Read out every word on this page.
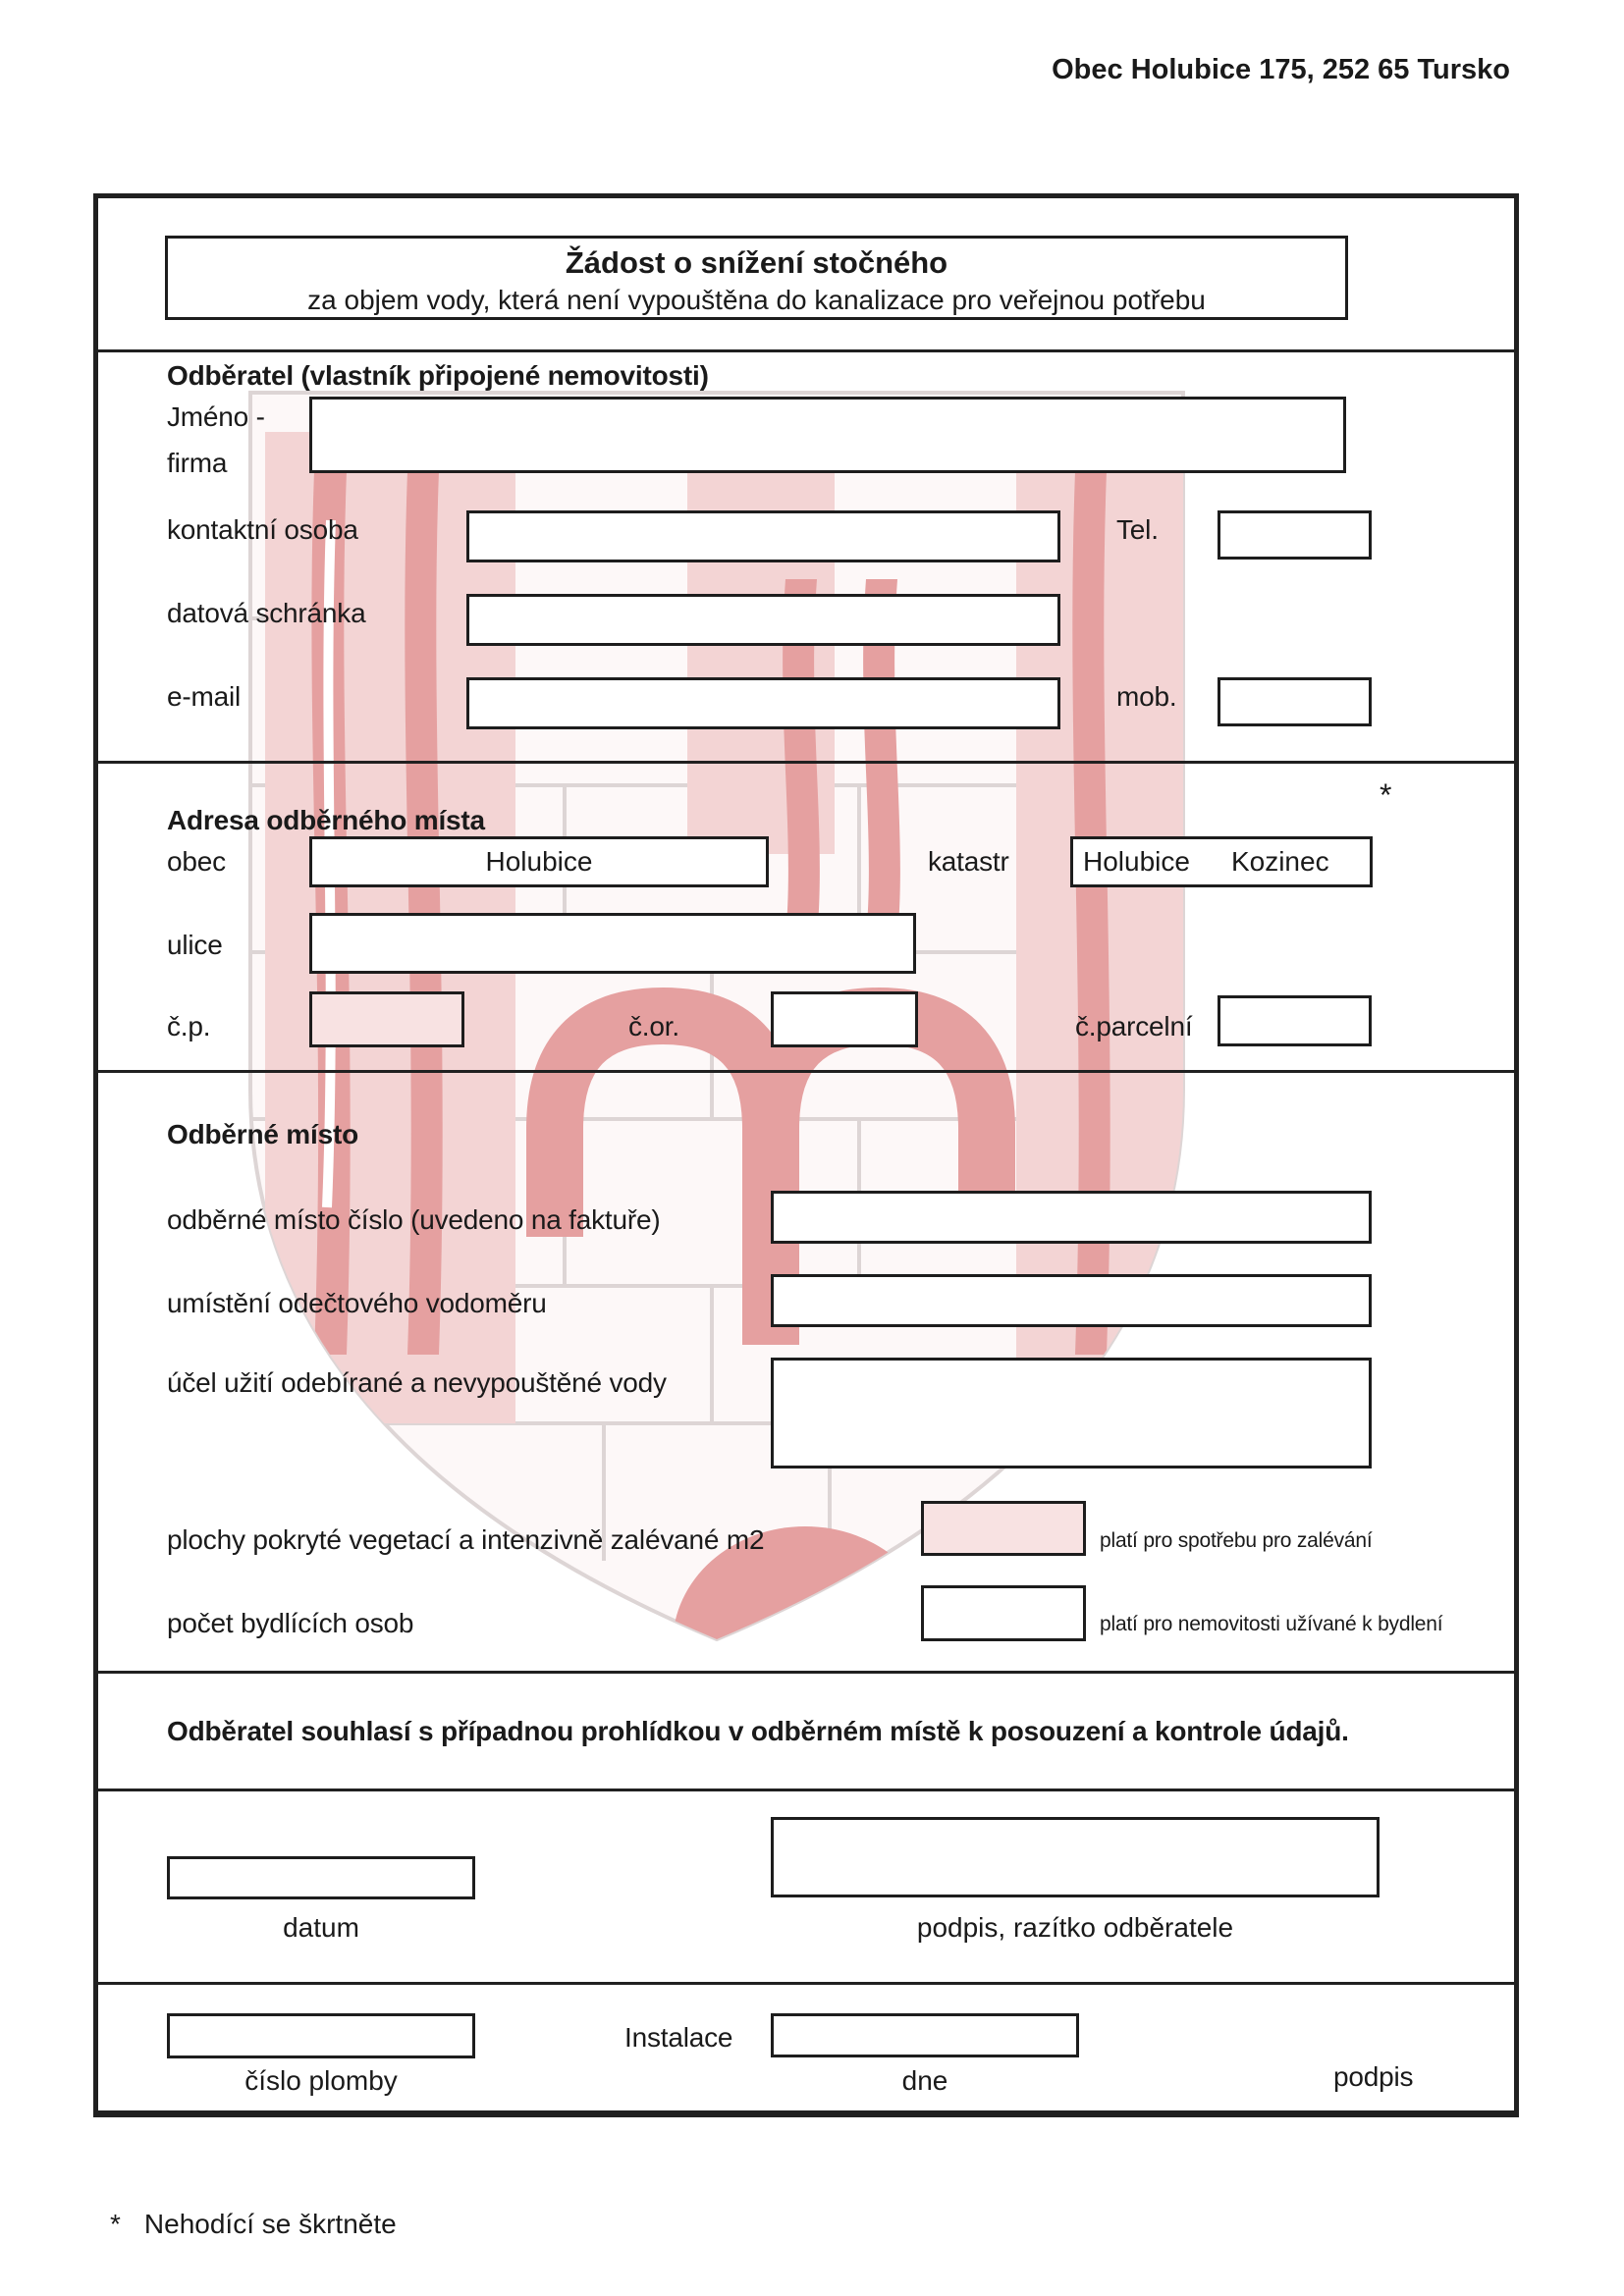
Obec Holubice 175, 252 65 Tursko
Žádost o snížení stočného
za objem vody, která není vypouštěna do kanalizace pro veřejnou potřebu
Odběratel (vlastník připojené nemovitosti)
Jméno -
firma
kontaktní osoba	Tel.
datová schránka
e-mail	mob.
*
Adresa odběrného místa
obec	Holubice	katastr	Holubice Kozinec
ulice
č.p.	č.or.	č.parcelní
Odběrné místo
odběrné místo číslo (uvedeno na faktuře)
umístění odečtového vodoměru
účel užití odebírané a nevypouštěné vody
plochy pokryté vegetací a intenzivně zalévané m2	platí pro spotřebu pro zalévání
počet bydlících osob	platí pro nemovitosti užívané k bydlení
Odběratel souhlasí s případnou prohlídkou v odběrném místě k posouzení a kontrole údajů.
datum	podpis, razítko odběratele
Instalace
číslo plomby	dne	podpis
* Nehodící se škrtněte
